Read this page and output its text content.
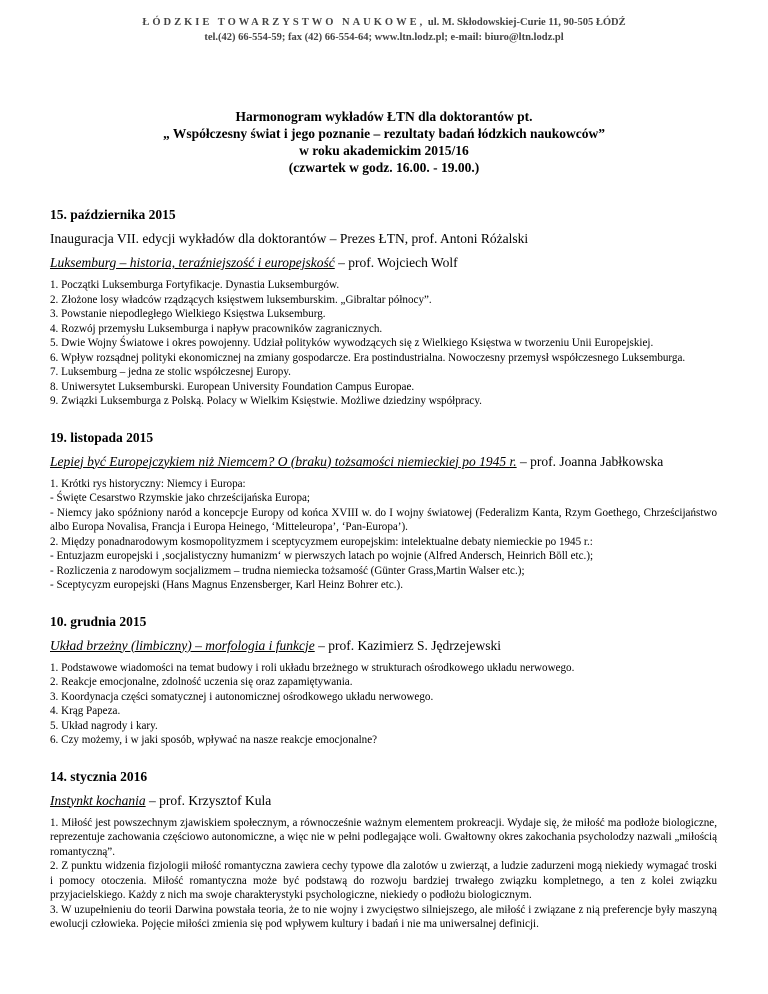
ŁÓDZKIE TOWARZYSTWO NAUKOWE, ul. M. Skłodowskiej-Curie 11, 90-505 ŁÓDŹ
tel.(42) 66-554-59; fax (42) 66-554-64; www.ltn.lodz.pl; e-mail: biuro@ltn.lodz.pl
Harmonogram wykładów ŁTN dla doktorantów pt.
„ Współczesny świat i jego poznanie – rezultaty badań łódzkich naukowców”
w roku akademickim 2015/16
(czwartek w godz. 16.00. - 19.00.)
15. października 2015
Inauguracja VII. edycji wykładów dla doktorantów – Prezes ŁTN, prof. Antoni Różalski
Luksemburg – historia, teraźniejszość i europejskość – prof. Wojciech Wolf
1. Początki Luksemburga Fortyfikacje. Dynastia Luksemburgów.
2. Złożone losy władców rządzących księstwem luksemburskim. „Gibraltar północy”.
3. Powstanie niepodległego Wielkiego Księstwa Luksemburg.
4. Rozwój przemysłu Luksemburga i napływ pracowników zagranicznych.
5. Dwie Wojny Światowe i okres powojenny. Udział polityków wywodzących się z Wielkiego Księstwa w tworzeniu Unii Europejskiej.
6. Wpływ rozsądnej polityki ekonomicznej na zmiany gospodarcze. Era postindustrialna. Nowoczesny przemysł współczesnego Luksemburga.
7. Luksemburg – jedna ze stolic współczesnej Europy.
8. Uniwersytet Luksemburski. European University Foundation Campus Europae.
9. Związki Luksemburga z Polską. Polacy w Wielkim Księstwie. Możliwe dziedziny współpracy.
19. listopada 2015
Lepiej być Europejczykiem niż Niemcem? O (braku) tożsamości niemieckiej po 1945 r. – prof. Joanna Jabłkowska
1. Krótki rys historyczny: Niemcy i Europa:
- Święte Cesarstwo Rzymskie jako chrześcijańska Europa;
- Niemcy jako spóźniony naród a koncepcje Europy od końca XVIII w. do I wojny światowej (Federalizm Kanta, Rzym Goethego, Chrześcijaństwo albo Europa Novalisa, Francja i Europa Heinego, ‘Mitteleuropa’, ‘Pan-Europa’).
2. Między ponadnarodowym kosmopolityzmem i sceptycyzmem europejskim: intelektualne debaty niemieckie po 1945 r.:
- Entuzjazm europejski i ‚socjalistyczny humanizm‘ w pierwszych latach po wojnie (Alfred Andersch, Heinrich Böll etc.);
- Rozliczenia z narodowym socjalizmem – trudna niemiecka tożsamość (Günter Grass,Martin Walser etc.);
- Sceptycyzm europejski (Hans Magnus Enzensberger, Karl Heinz Bohrer etc.).
10. grudnia 2015
Układ brzeżny (limbiczny) – morfologia i funkcje – prof. Kazimierz S. Jędrzejewski
1. Podstawowe wiadomości na temat budowy i roli układu brzeżnego w strukturach ośrodkowego układu nerwowego.
2. Reakcje emocjonalne, zdolność uczenia się oraz zapamiętywania.
3. Koordynacja części somatycznej i autonomicznej ośrodkowego układu nerwowego.
4. Krąg Papeza.
5. Układ nagrody i kary.
6. Czy możemy, i w jaki sposób, wpływać na nasze reakcje emocjonalne?
14. stycznia 2016
Instynkt kochania – prof. Krzysztof Kula
1. Miłość jest powszechnym zjawiskiem społecznym, a równocześnie ważnym elementem prokreacji. Wydaje się, że miłość ma podłoże biologiczne, reprezentuje zachowania częściowo autonomiczne, a więc nie w pełni podlegające woli. Gwałtowny okres zakochania psycholodzy nazwali „miłością romantyczną”.
2. Z punktu widzenia fizjologii miłość romantyczna zawiera cechy typowe dla zalotów u zwierząt, a ludzie zadurzeni mogą niekiedy wymagać troski i pomocy otoczenia. Miłość romantyczna może być podstawą do rozwoju bardziej trwałego związku kompletnego, a ten z kolei związku przyjacielskiego. Każdy z nich ma swoje charakterystyki psychologiczne, niekiedy o podłożu biologicznym.
3. W uzupełnieniu do teorii Darwina powstała teoria, że to nie wojny i zwycięstwo silniejszego, ale miłość i związane z nią preferencje były maszyną ewolucji człowieka. Pojęcie miłości zmienia się pod wpływem kultury i badań i nie ma uniwersalnej definicji.
